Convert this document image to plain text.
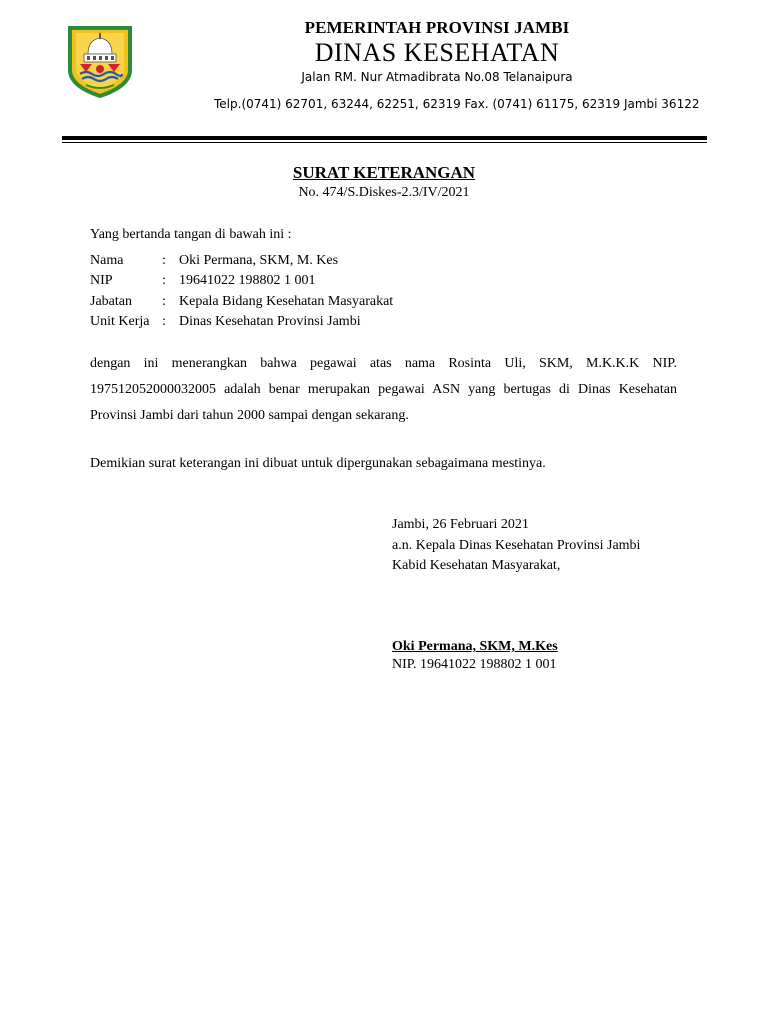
PEMERINTAH PROVINSI JAMBI
DINAS KESEHATAN
Jalan RM. Nur Atmadibrata No.08 Telanaipura
Telp.(0741) 62701, 63244, 62251, 62319 Fax. (0741) 61175, 62319 Jambi 36122
SURAT KETERANGAN
No. 474/S.Diskes-2.3/IV/2021
Yang bertanda tangan di bawah ini :
Nama	: Oki Permana, SKM, M. Kes
NIP	: 19641022 198802 1 001
Jabatan : Kepala Bidang Kesehatan Masyarakat
Unit Kerja : Dinas Kesehatan Provinsi Jambi
dengan ini menerangkan bahwa pegawai atas nama Rosinta Uli, SKM, M.K.K.K NIP. 197512052000032005 adalah benar merupakan pegawai ASN yang bertugas di Dinas Kesehatan Provinsi Jambi dari tahun 2000 sampai dengan sekarang.
Demikian surat keterangan ini dibuat untuk dipergunakan sebagaimana mestinya.
Jambi, 26 Februari 2021
a.n. Kepala Dinas Kesehatan Provinsi Jambi
Kabid Kesehatan Masyarakat,
Oki Permana, SKM, M.Kes
NIP. 19641022 198802 1 001
